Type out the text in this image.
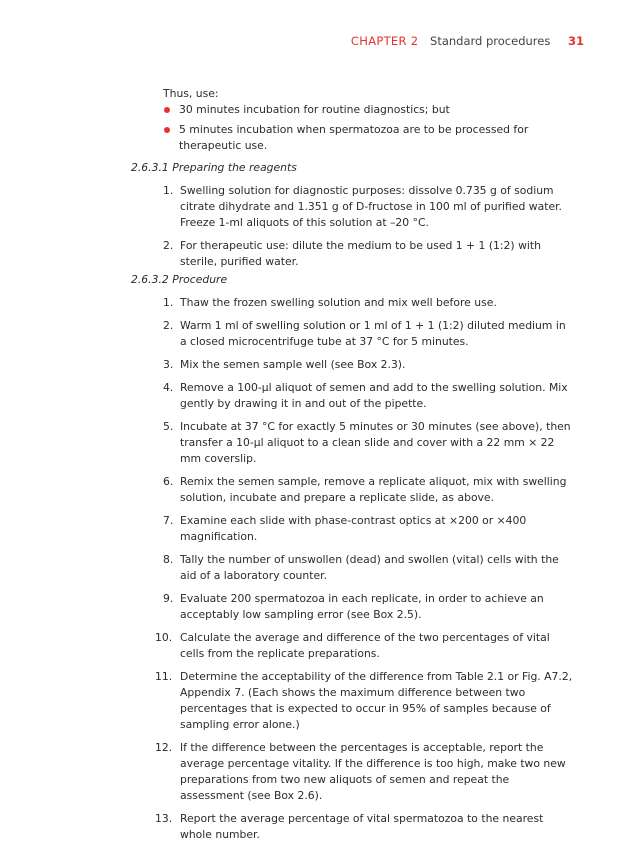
CHAPTER 2 Standard procedures 31

Thus, use:

30 minutes incubation for routine diagnostics; but
5 minutes incubation when spermatozoa are to be processed for therapeutic use.

2.6.3.1 Preparing the reagents

1. Swelling solution for diagnostic purposes: dissolve 0.735 g of sodium citrate dihydrate and 1.351 g of D-fructose in 100 ml of purified water. Freeze 1-ml aliquots of this solution at –20 °C.
2. For therapeutic use: dilute the medium to be used 1 + 1 (1:2) with sterile, purified water.

2.6.3.2 Procedure

1. Thaw the frozen swelling solution and mix well before use.
2. Warm 1 ml of swelling solution or 1 ml of 1 + 1 (1:2) diluted medium in a closed microcentrifuge tube at 37 °C for 5 minutes.
3. Mix the semen sample well (see Box 2.3).
4. Remove a 100-μl aliquot of semen and add to the swelling solution. Mix gently by drawing it in and out of the pipette.
5. Incubate at 37 °C for exactly 5 minutes or 30 minutes (see above), then transfer a 10-μl aliquot to a clean slide and cover with a 22 mm × 22 mm coverslip.
6. Remix the semen sample, remove a replicate aliquot, mix with swelling solution, incubate and prepare a replicate slide, as above.
7. Examine each slide with phase-contrast optics at ×200 or ×400 magnification.
8. Tally the number of unswollen (dead) and swollen (vital) cells with the aid of a laboratory counter.
9. Evaluate 200 spermatozoa in each replicate, in order to achieve an acceptably low sampling error (see Box 2.5).
10. Calculate the average and difference of the two percentages of vital cells from the replicate preparations.
11. Determine the acceptability of the difference from Table 2.1 or Fig. A7.2, Appendix 7. (Each shows the maximum difference between two percentages that is expected to occur in 95% of samples because of sampling error alone.)
12. If the difference between the percentages is acceptable, report the average percentage vitality. If the difference is too high, make two new preparations from two new aliquots of semen and repeat the assessment (see Box 2.6).
13. Report the average percentage of vital spermatozoa to the nearest whole number.
